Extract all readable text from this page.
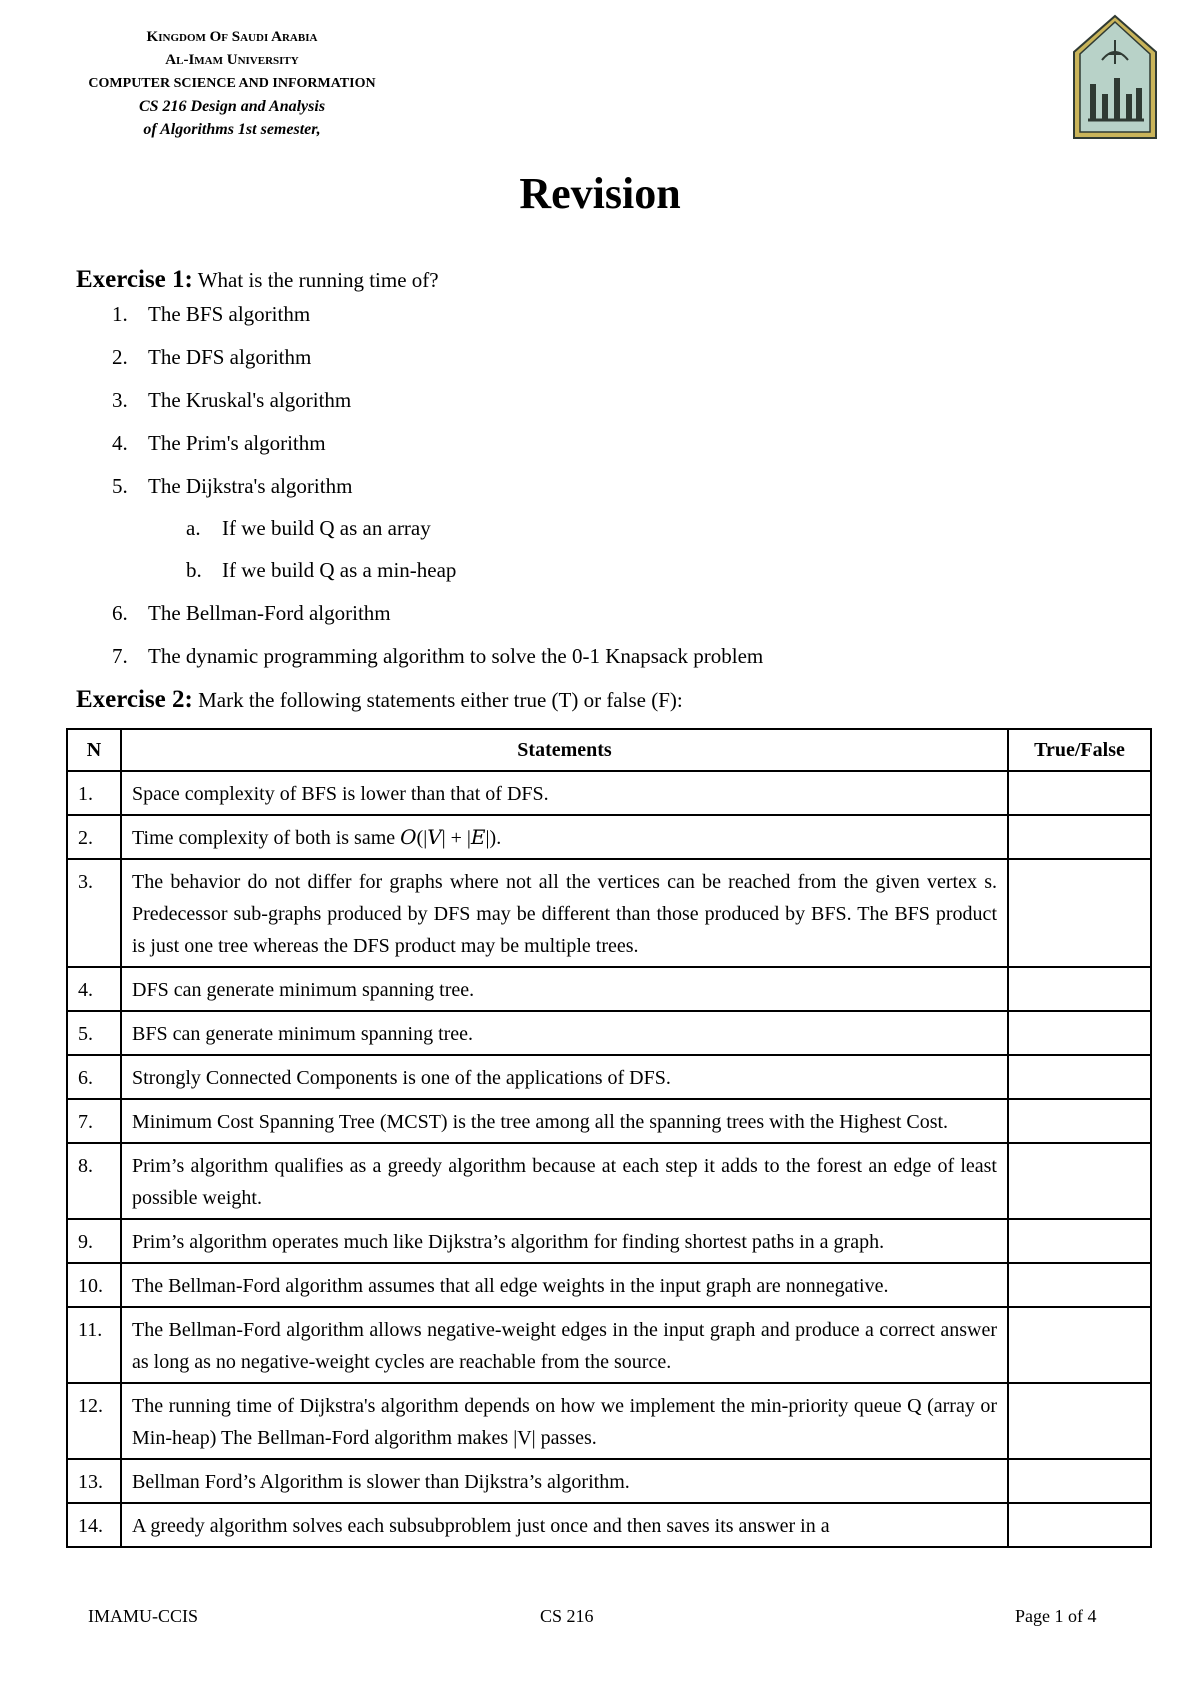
Kingdom Of Saudi Arabia
Al-Imam University
COMPUTER SCIENCE AND INFORMATION
CS 216 Design and Analysis
of Algorithms 1st semester,
Revision
Exercise 1: What is the running time of?
1. The BFS algorithm
2. The DFS algorithm
3. The Kruskal's algorithm
4. The Prim's algorithm
5. The Dijkstra's algorithm
a. If we build Q as an array
b. If we build Q as a min-heap
6. The Bellman-Ford algorithm
7. The dynamic programming algorithm to solve the 0-1 Knapsack problem
Exercise 2: Mark the following statements either true (T) or false (F):
N	Statements	True/False
1.	Space complexity of BFS is lower than that of DFS.	
2.	Time complexity of both is same 𝑂(|𝑉| + |𝐸|).	
3.	The behavior do not differ for graphs where not all the vertices can be reached from the given vertex s. Predecessor sub-graphs produced by DFS may be different than those produced by BFS. The BFS product is just one tree whereas the DFS product may be multiple trees.	
4.	DFS can generate minimum spanning tree.	
5.	BFS can generate minimum spanning tree.	
6.	Strongly Connected Components is one of the applications of DFS.	
7.	Minimum Cost Spanning Tree (MCST) is the tree among all the spanning trees with the Highest Cost.	
8.	Prim’s algorithm qualifies as a greedy algorithm because at each step it adds to the forest an edge of least possible weight.	
9.	Prim’s algorithm operates much like Dijkstra’s algorithm for finding shortest paths in a graph.	
10.	The Bellman-Ford algorithm assumes that all edge weights in the input graph are nonnegative.	
11.	The Bellman-Ford algorithm allows negative-weight edges in the input graph and produce a correct answer as long as no negative-weight cycles are reachable from the source.	
12.	The running time of Dijkstra's algorithm depends on how we implement the min-priority queue Q (array or Min-heap) The Bellman-Ford algorithm makes |V| passes.	
13.	Bellman Ford’s Algorithm is slower than Dijkstra’s algorithm.	
14.	A greedy algorithm solves each subsubproblem just once and then saves its answer in a	
IMAMU-CCIS	CS 216	Page 1 of 4
